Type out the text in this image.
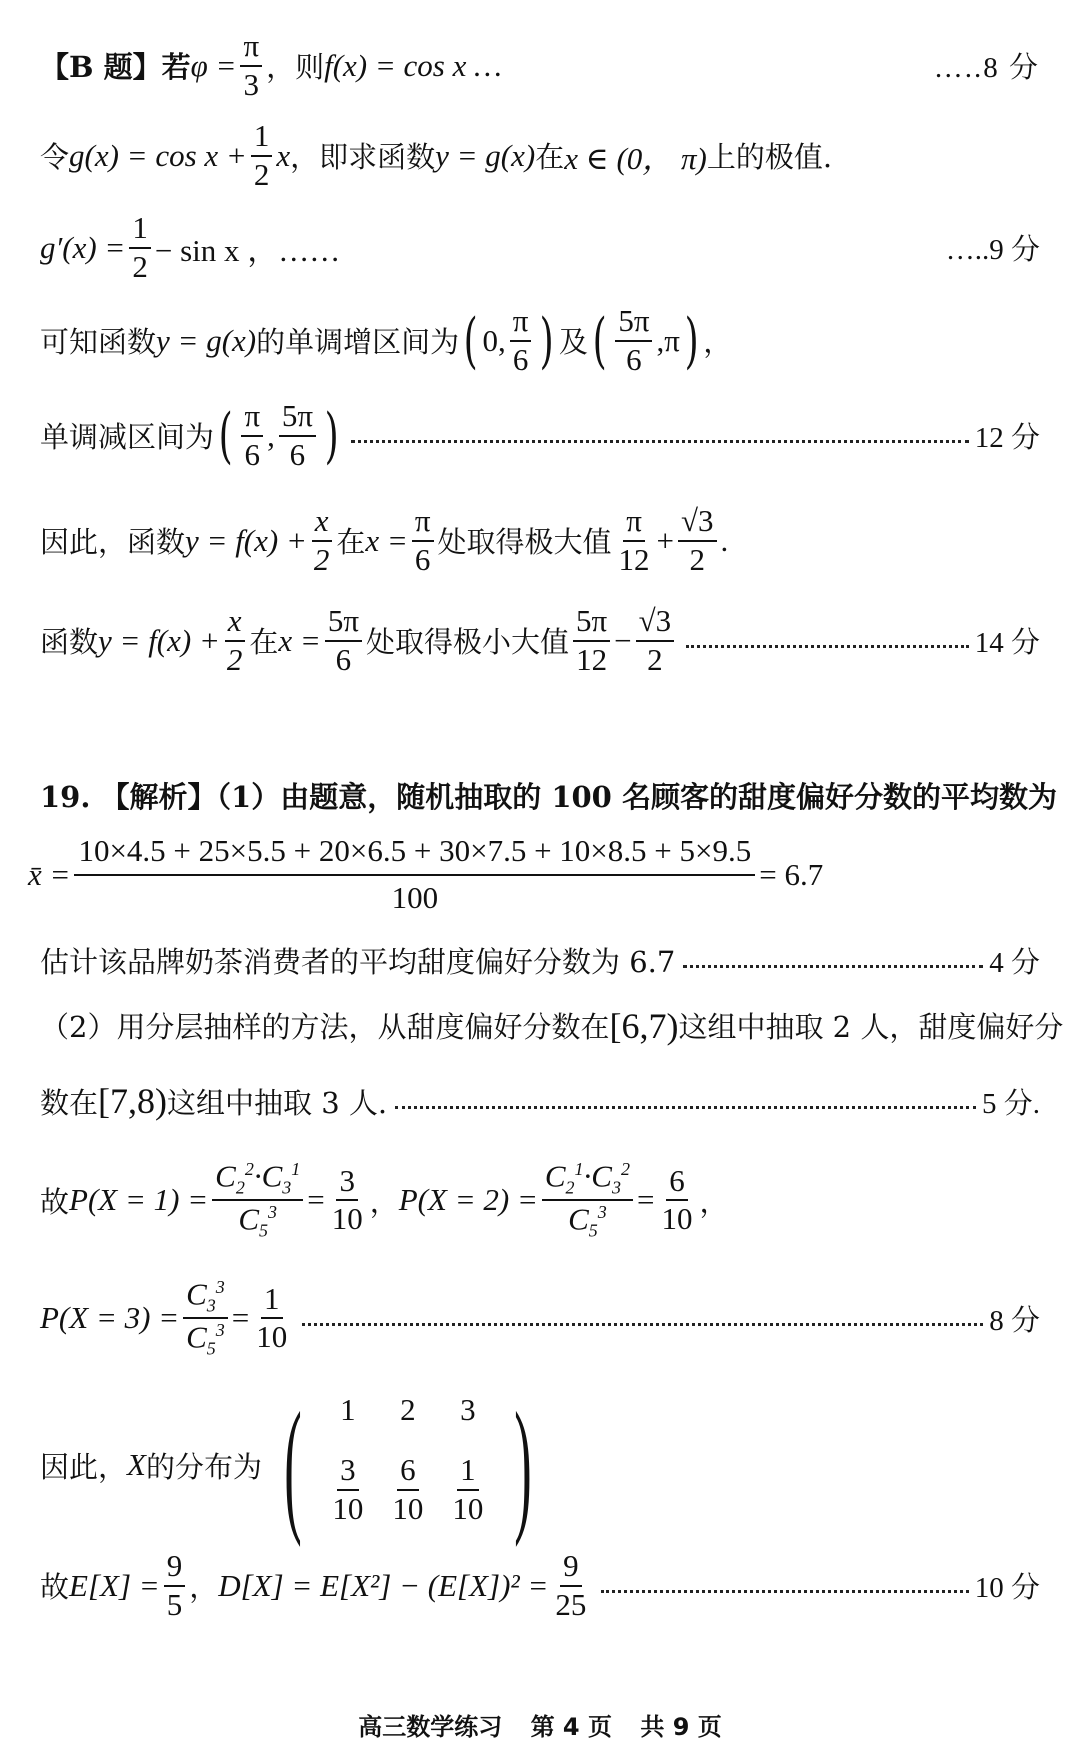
【B 题】若 $\varphi = \frac{\pi}{3}$ ，则 f(x) = cos x …	…..8 分
令 $g(x) = \cos x + \frac{1}{2}$ x ，即求函数 y = g(x) 在 x ∈ (0， π) 上的极值.
$g'(x) = \frac{1}{2} - \sin x$ ，……	…..9 分
可知函数 y = g(x) 的单调增区间为 ( 0, $\frac{\pi}{6}$ ) 及 ( $\frac{5\pi}{6} ,\pi$ ) ，
单调减区间为 ( $\frac{\pi}{6}$ , $\frac{5\pi}{6}$ )	12 分
因此，函数 $y = f(x) + \frac{x}{2}$ 在 $x = \frac{\pi}{6}$ 处取得极大值 $\frac{\pi}{12} + \frac{√3}{2}$ .
函数 $y = f(x) + \frac{x}{2}$ 在 $x = \frac{5\pi}{6}$ 处取得极小大值 $\frac{5\pi}{12} - \frac{√3}{2}$	14 分
19. 【解析】（1）由题意，随机抽取的 100 名顾客的甜度偏好分数的平均数为
x̄ = $\frac{10\times 4.5 + 25\times 5.5 + 20\times 6.5 + 30\times 7.5 + 10\times 8.5 + 5\times 9.5}{100} = 6.7$
估计该品牌奶茶消费者的平均甜度偏好分数为 6.7	4 分
（2）用分层抽样的方法，从甜度偏好分数在 [6,7) 这组中抽取 2 人，甜度偏好分
数在 [7,8) 这组中抽取 3 人.	5 分.
故 $P(X = 1) = \frac{C_2^2\cdot C_3^1}{C_5^3} = \frac{3}{10}$ ， $P(X = 2) = \frac{C_2^1\cdot C_3^2}{C_5^3} = \frac{6}{10}$ ，
$P(X = 3) = \frac{C_3^3}{C_5^3} = \frac{1}{10}$	8 分
因此， X 的分布为 ( 1 2 3
$\frac{3}{10} \frac{6}{10} \frac{1}{10}$ )
故 $E[X] = \frac{9}{5}$ ， $D[X] = E[X^2] - (E[X])^2 = \frac{9}{25}$	10 分
高三数学练习 第 4 页 共 9 页
